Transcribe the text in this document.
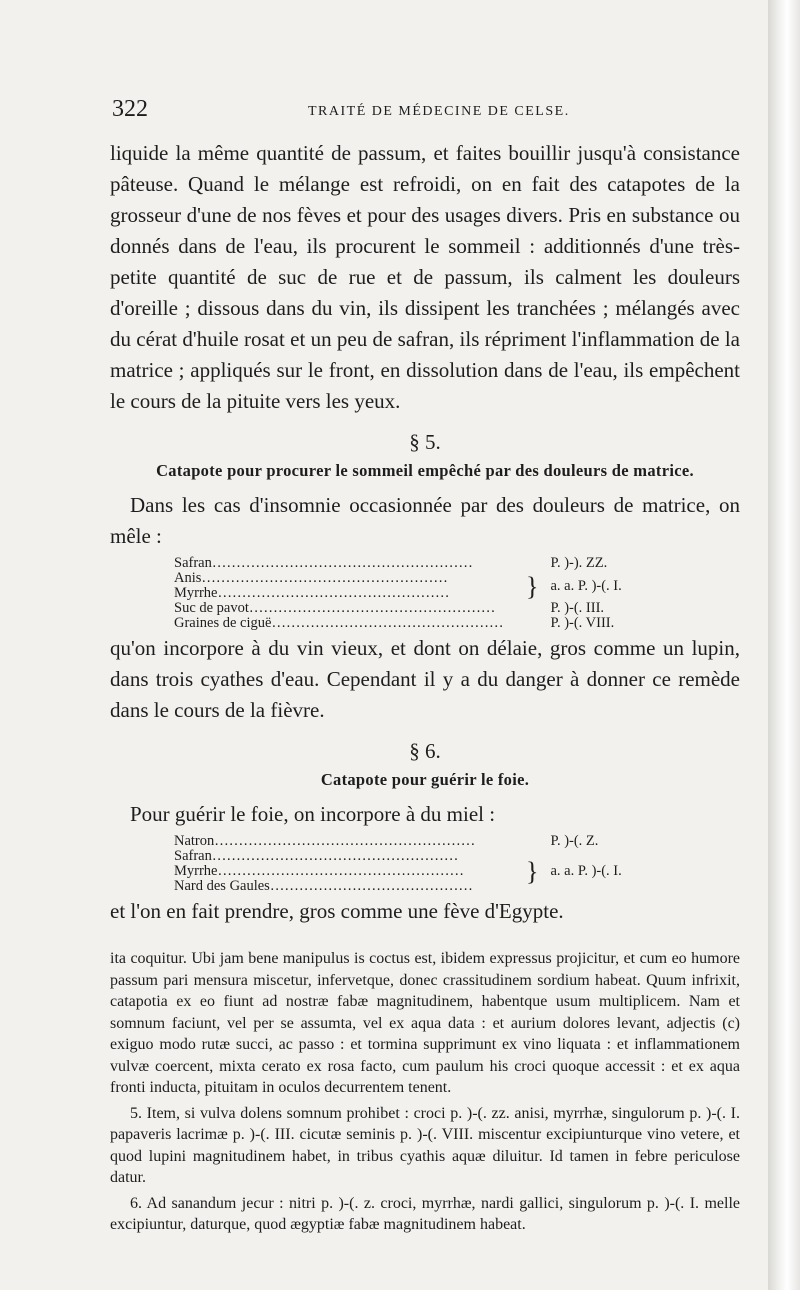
322	TRAITÉ DE MÉDECINE DE CELSE.

liquide la même quantité de passum, et faites bouillir jusqu'à consistance pâteuse. Quand le mélange est refroidi, on en fait des catapotes de la grosseur d'une de nos fèves et pour des usages divers. Pris en substance ou donnés dans de l'eau, ils procurent le sommeil : additionnés d'une très-petite quantité de suc de rue et de passum, ils calment les douleurs d'oreille ; dissous dans du vin, ils dissipent les tranchées ; mélangés avec du cérat d'huile rosat et un peu de safran, ils répriment l'inflammation de la matrice ; appliqués sur le front, en dissolution dans de l'eau, ils empêchent le cours de la pituite vers les yeux.

§ 5.
Catapote pour procurer le sommeil empêché par des douleurs de matrice.

Dans les cas d'insomnie occasionnée par des douleurs de matrice, on mêle :

Safran………………………………………………		P. )-). ZZ.
Anis……………………………………………	}	a. a. P. )-(. I.
Myrrhe…………………………………………		
Suc de pavot……………………………………………		P. )-(. III.
Graines de ciguë…………………………………………		P. )-(. VIII.

qu'on incorpore à du vin vieux, et dont on délaie, gros comme un lupin, dans trois cyathes d'eau. Cependant il y a du danger à donner ce remède dans le cours de la fièvre.

§ 6.
Catapote pour guérir le foie.

Pour guérir le foie, on incorpore à du miel :

Natron………………………………………………		P. )-(. Z.
Safran……………………………………………	}	a. a. P. )-(. I.
Myrrhe……………………………………………		
Nard des Gaules……………………………………		

et l'on en fait prendre, gros comme une fève d'Egypte.

ita coquitur. Ubi jam bene manipulus is coctus est, ibidem expressus projicitur, et cum eo humore passum pari mensura miscetur, infervetque, donec crassitudinem sordium habeat. Quum infrixit, catapotia ex eo fiunt ad nostræ fabæ magnitudinem, habentque usum multiplicem. Nam et somnum faciunt, vel per se assumta, vel ex aqua data : et aurium dolores levant, adjectis (c) exiguo modo rutæ succi, ac passo : et tormina supprimunt ex vino liquata : et inflammationem vulvæ coercent, mixta cerato ex rosa facto, cum paulum his croci quoque accessit : et ex aqua fronti inducta, pituitam in oculos decurrentem tenent.

5. Item, si vulva dolens somnum prohibet : croci p. )-(. zz. anisi, myrrhæ, singulorum p. )-(. I. papaveris lacrimæ p. )-(. III. cicutæ seminis p. )-(. VIII. miscentur excipiunturque vino vetere, et quod lupini magnitudinem habet, in tribus cyathis aquæ diluitur. Id tamen in febre periculose datur.

6. Ad sanandum jecur : nitri p. )-(. z. croci, myrrhæ, nardi gallici, singulorum p. )-(. I. melle excipiuntur, daturque, quod ægyptiæ fabæ magnitudinem habeat.
